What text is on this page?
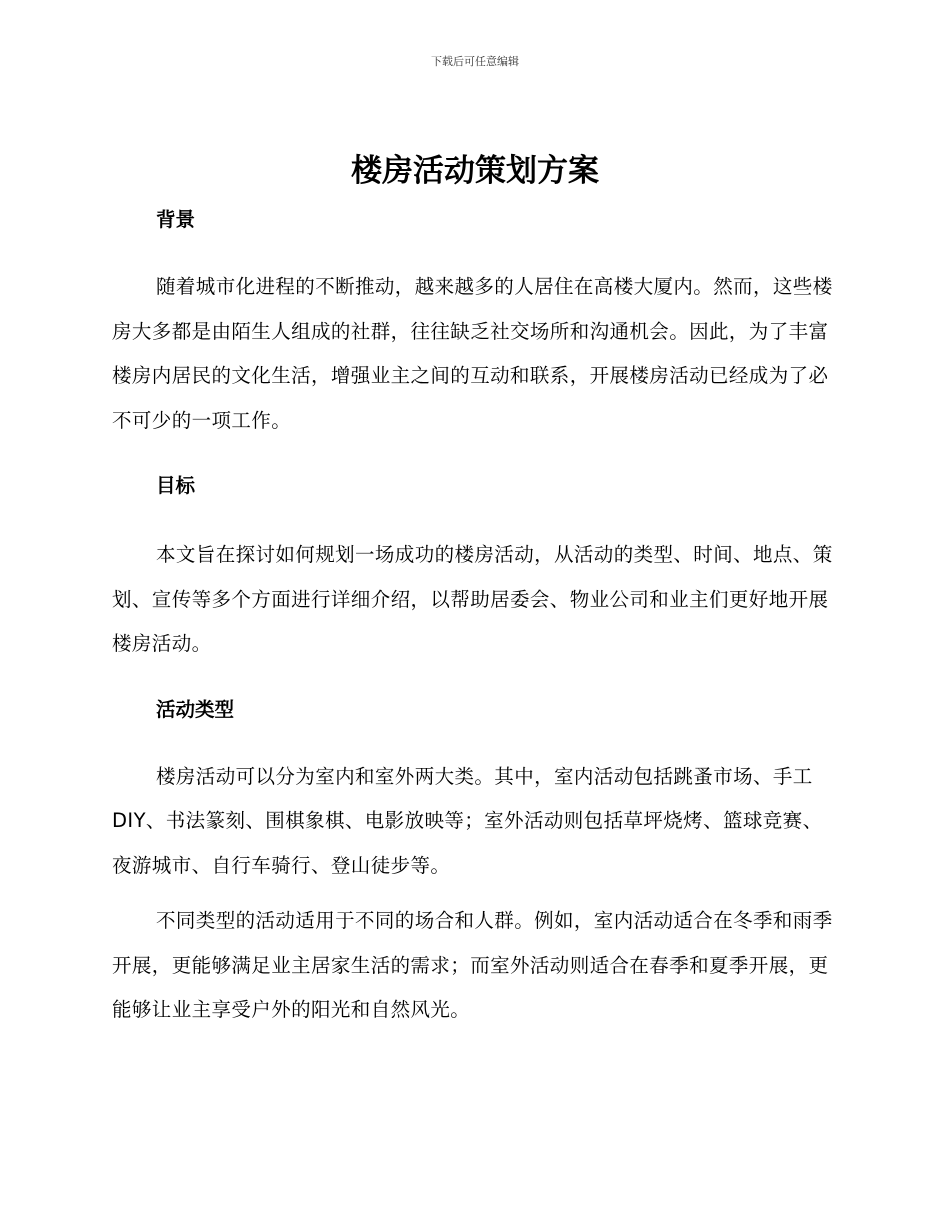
下载后可任意编辑
楼房活动策划方案
背景

随着城市化进程的不断推动，越来越多的人居住在高楼大厦内。然而，这些楼房大多都是由陌生人组成的社群，往往缺乏社交场所和沟通机会。因此，为了丰富楼房内居民的文化生活，增强业主之间的互动和联系，开展楼房活动已经成为了必不可少的一项工作。

目标

本文旨在探讨如何规划一场成功的楼房活动，从活动的类型、时间、地点、策划、宣传等多个方面进行详细介绍，以帮助居委会、物业公司和业主们更好地开展楼房活动。

活动类型

楼房活动可以分为室内和室外两大类。其中，室内活动包括跳蚤市场、手工DIY、书法篆刻、围棋象棋、电影放映等；室外活动则包括草坪烧烤、篮球竞赛、夜游城市、自行车骑行、登山徒步等。

不同类型的活动适用于不同的场合和人群。例如，室内活动适合在冬季和雨季开展，更能够满足业主居家生活的需求；而室外活动则适合在春季和夏季开展，更能够让业主享受户外的阳光和自然风光。
